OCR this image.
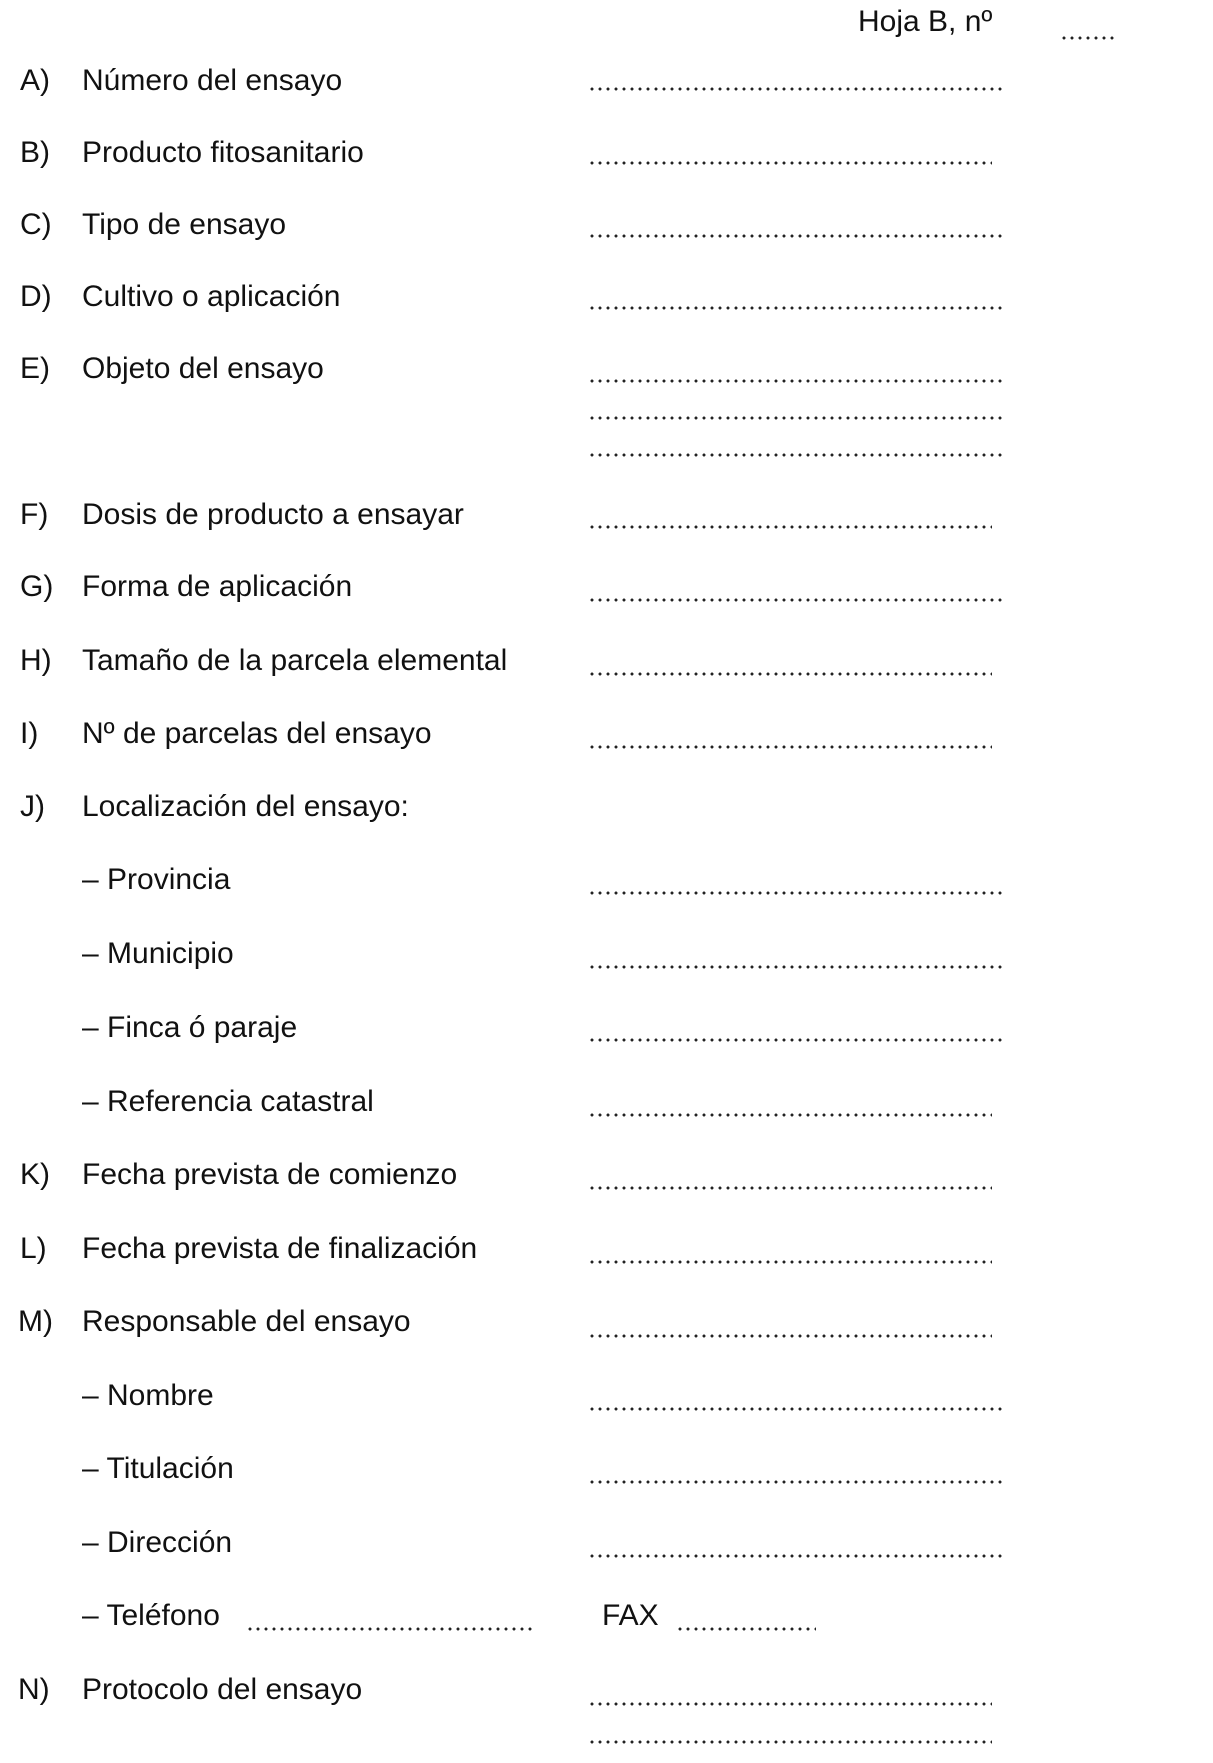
Hoja B, nº
A) Número del ensayo
B) Producto fitosanitario
C) Tipo de ensayo
D) Cultivo o aplicación
E) Objeto del ensayo
F) Dosis de producto a ensayar
G) Forma de aplicación
H) Tamaño de la parcela elemental
I) Nº de parcelas del ensayo
J) Localización del ensayo:
– Provincia
– Municipio
– Finca ó paraje
– Referencia catastral
K) Fecha prevista de comienzo
L) Fecha prevista de finalización
M) Responsable del ensayo
– Nombre
– Titulación
– Dirección
– Teléfono	FAX
N) Protocolo del ensayo
